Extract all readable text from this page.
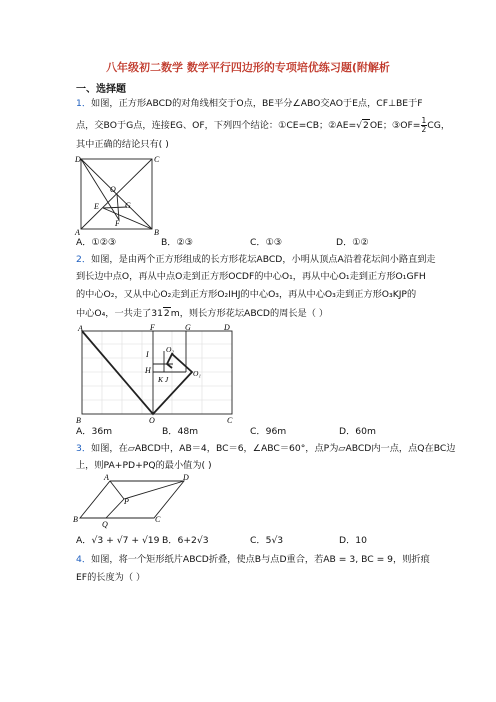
八年级初二数学 数学平行四边形的专项培优练习题(附解析
一、选择题
1．如图，正方形ABCD的对角线相交于O点，BE平分∠ABO交AO于E点，CF⊥BE于F
点，交BO于G点，连接EG、OF，下列四个结论：①CE=CB；②AE=√2OE；③OF= $\frac{1}{2}$ CG，
其中正确的结论只有( )
D	C
A	B
O
E	G
F
A．①②③	B．②③	C．①③	D．①②
2．如图，是由两个正方形组成的长方形花坛ABCD，小明从顶点A沿着花坛间小路直到走
到长边中点O，再从中点O走到正方形OCDF的中心O₁，再从中心O₁走到正方形O₁GFH
的中心O₂，又从中心O₂走到正方形O₂IHJ的中心O₃，再从中心O₃走到正方形O₃KJP的
中心O₄，一共走了312m，则长方形花坛ABCD的周长是（ ）
A	F	G	D
I
O₂
H
K J
O₁
B	O	C
A．36m	B．48m	C．96m	D．60m
3．如图，在▱ABCD中，AB＝4，BC＝6，∠ABC＝60°，点P为▱ABCD内一点，点Q在BC边
上，则PA+PD+PQ的最小值为( )
A	D
P
B
Q
C
A．√3 + √7 + √19 B．6+2√3	C．5√3	D．10
4．如图，将一个矩形纸片ABCD折叠，使点B与点D重合，若AB = 3, BC = 9，则折痕
EF的长度为（ ）
